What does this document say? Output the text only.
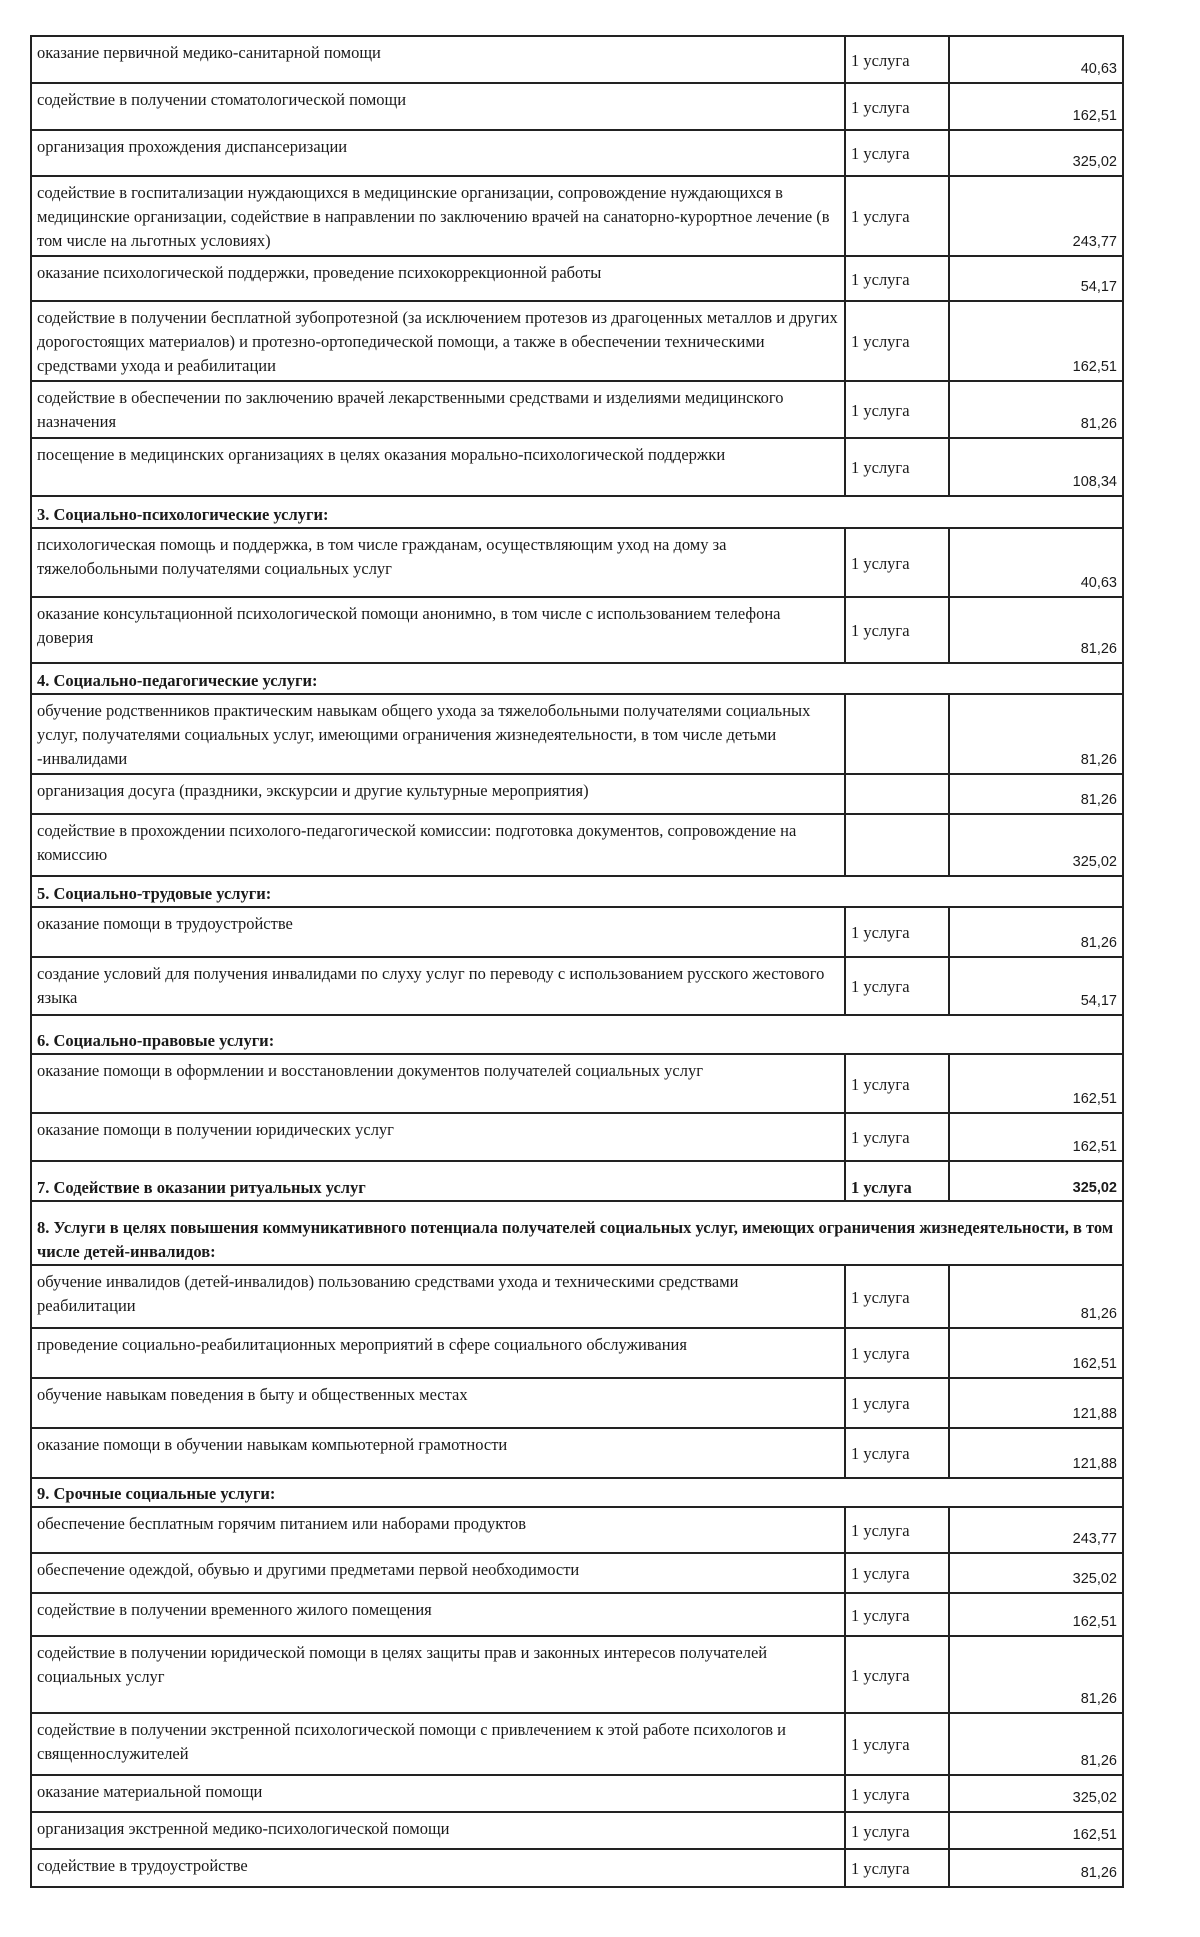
оказание первичной медико-санитарной помощи	1 услуга	40,63
содействие в получении стоматологической помощи	1 услуга	162,51
организация прохождения диспансеризации	1 услуга	325,02
содействие в госпитализации нуждающихся в медицинские организации, сопровождение нуждающихся в медицинские организации, содействие в направлении по заключению врачей на санаторно-курортное лечение (в том числе на льготных условиях)	1 услуга	243,77
оказание психологической поддержки, проведение психокоррекционной работы	1 услуга	54,17
содействие в получении бесплатной зубопротезной (за исключением протезов из драгоценных металлов и других дорогостоящих материалов) и протезно-ортопедической помощи, а также в обеспечении техническими средствами ухода и реабилитации	1 услуга	162,51
содействие в обеспечении по заключению врачей лекарственными средствами и изделиями медицинского назначения	1 услуга	81,26
посещение в медицинских организациях в целях оказания морально-психологической поддержки	1 услуга	108,34
3. Социально-психологические услуги:		
психологическая помощь и поддержка, в том числе гражданам, осуществляющим уход на дому за тяжелобольными получателями социальных услуг	1 услуга	40,63
оказание консультационной психологической помощи анонимно, в том числе с использованием телефона доверия	1 услуга	81,26
4. Социально-педагогические услуги:		
обучение родственников практическим навыкам общего ухода за тяжелобольными получателями социальных услуг, получателями социальных услуг, имеющими ограничения жизнедеятельности, в том числе детьми -инвалидами		81,26
организация досуга (праздники, экскурсии и другие культурные мероприятия)		81,26
содействие в прохождении психолого-педагогической комиссии: подготовка документов, сопровождение на комиссию		325,02
5. Социально-трудовые услуги:		
оказание помощи в трудоустройстве	1 услуга	81,26
создание условий для получения инвалидами по слуху услуг по переводу с использованием русского жестового языка	1 услуга	54,17
6. Социально-правовые услуги:		
оказание помощи в оформлении и восстановлении документов получателей социальных услуг	1 услуга	162,51
оказание помощи в получении юридических услуг	1 услуга	162,51
7. Содействие в оказании ритуальных услуг	1 услуга	325,02
8. Услуги в целях повышения коммуникативного потенциала получателей социальных услуг, имеющих ограничения жизнедеятельности, в том числе детей-инвалидов:		
обучение инвалидов (детей-инвалидов) пользованию средствами ухода и техническими средствами реабилитации	1 услуга	81,26
проведение социально-реабилитационных мероприятий в сфере социального обслуживания	1 услуга	162,51
обучение навыкам поведения в быту и общественных местах	1 услуга	121,88
оказание помощи в обучении навыкам компьютерной грамотности	1 услуга	121,88
9. Срочные социальные услуги:		
обеспечение бесплатным горячим питанием или наборами продуктов	1 услуга	243,77
обеспечение одеждой, обувью и другими предметами первой необходимости	1 услуга	325,02
содействие в получении временного жилого помещения	1 услуга	162,51
содействие в получении юридической помощи в целях защиты прав и законных интересов получателей социальных услуг	1 услуга	81,26
содействие в получении экстренной психологической помощи с привлечением к этой работе психологов и священнослужителей	1 услуга	81,26
оказание материальной помощи	1 услуга	325,02
организация экстренной медико-психологической помощи	1 услуга	162,51
содействие в трудоустройстве	1 услуга	81,26
